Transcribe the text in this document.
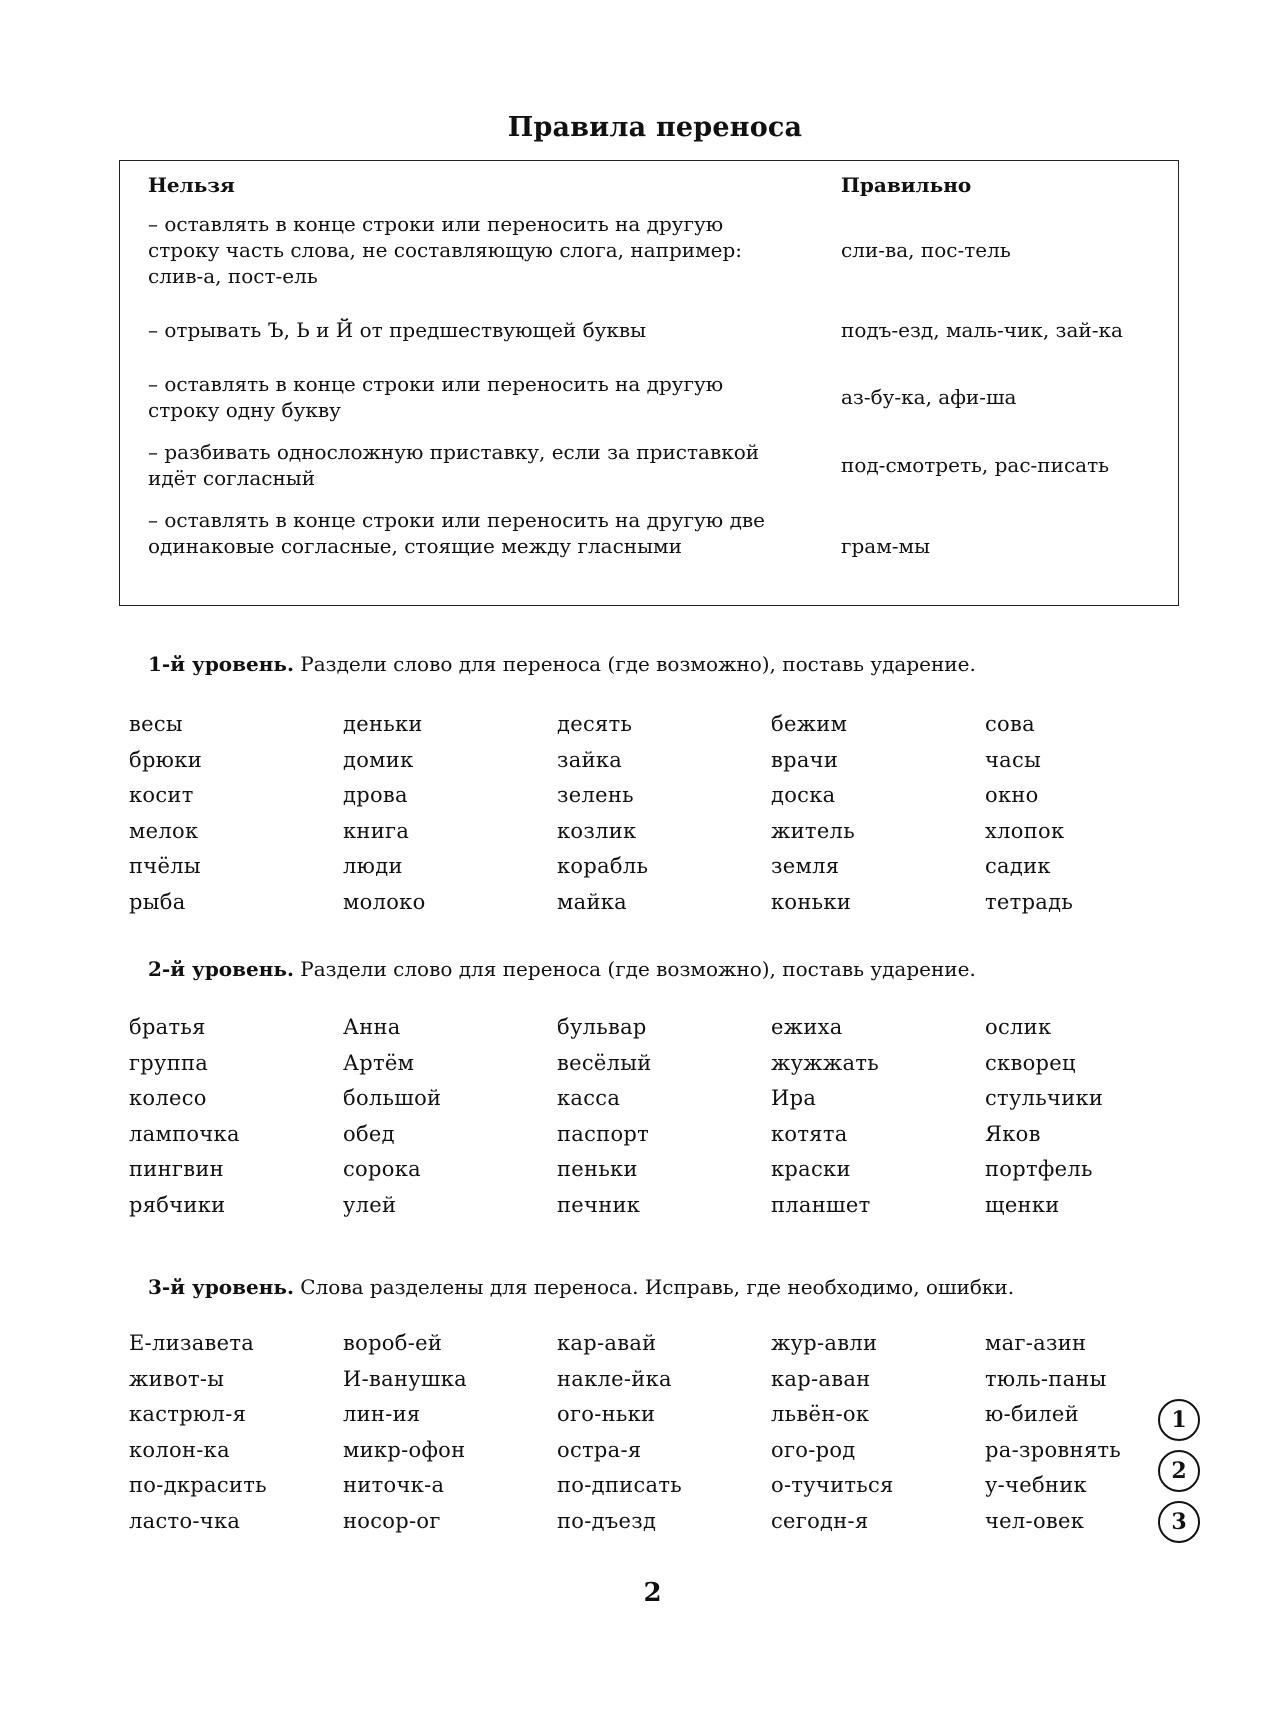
Правила переноса
Нельзя	Правильно
– оставлять в конце строки или переносить на другую строку часть слова, не составляющую слога, например: слив-а, пост-ель
сли-ва, пос-тель
– отрывать Ъ, Ь и Й от предшествующей буквы	подъ-езд, маль-чик, зай-ка
– оставлять в конце строки или переносить на другую строку одну букву
аз-бу-ка, афи-ша
– разбивать односложную приставку, если за приставкой идёт согласный
под-смотреть, рас-писать
– оставлять в конце строки или переносить на другую две одинаковые согласные, стоящие между гласными	грам-мы
1-й уровень. Раздели слово для переноса (где возможно), поставь ударение.
весы	деньки	десять	бежим	сова
брюки	домик	зайка	врачи	часы
косит	дрова	зелень	доска	окно
мелок	книга	козлик	житель	хлопок
пчёлы	люди	корабль	земля	садик
рыба	молоко	майка	коньки	тетрадь
2-й уровень. Раздели слово для переноса (где возможно), поставь ударение.
братья	Анна	бульвар	ежиха	ослик
группа	Артём	весёлый	жужжать	скворец
колесо	большой	касса	Ира	стульчики
лампочка	обед	паспорт	котята	Яков
пингвин	сорока	пеньки	краски	портфель
рябчики	улей	печник	планшет	щенки
3-й уровень. Слова разделены для переноса. Исправь, где необходимо, ошибки.
Е-лизавета	вороб-ей	кар-авай	жур-авли	маг-азин
живот-ы	И-ванушка	накле-йка	кар-аван	тюль-паны
кастрюл-я	лин-ия	ого-ньки	львён-ок	ю-билей
колон-ка	микр-офон	остра-я	ого-род	ра-зровнять
по-дкрасить	ниточк-а	по-дписать	о-тучиться	у-чебник
ласто-чка	носор-ог	по-дъезд	сегодн-я	чел-овек
1
2
3
2
